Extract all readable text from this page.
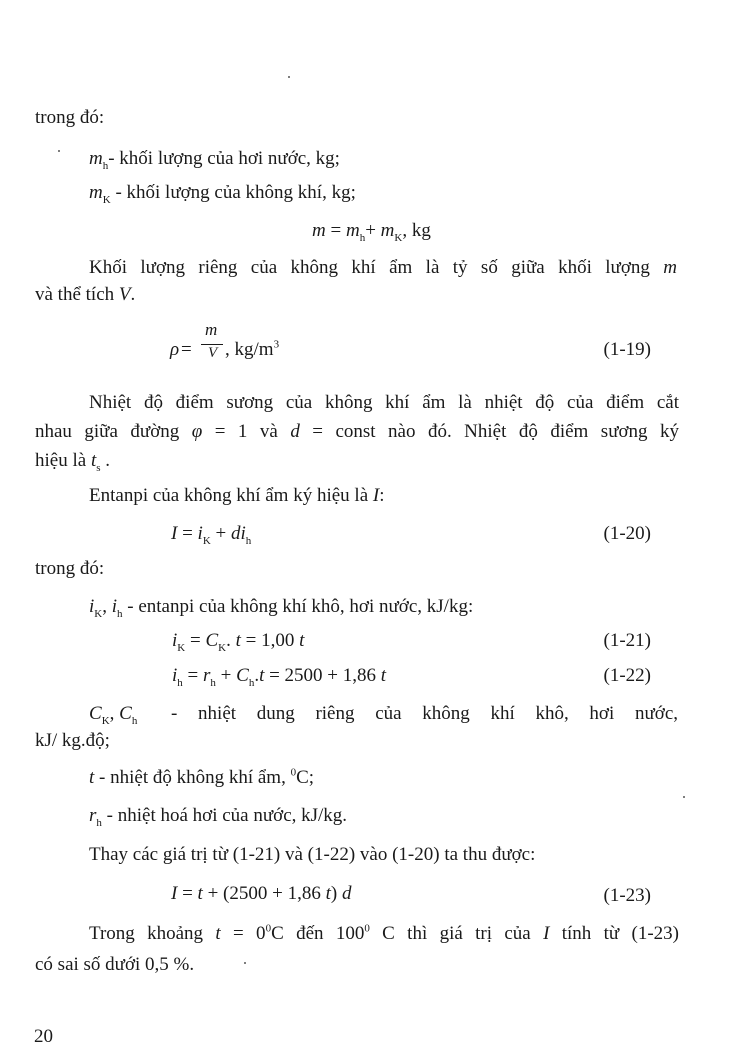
trong đó:
$m_h-$ khối lượng của hơi nước, kg;
$m_K$ - khối lượng của không khí, kg;
$m = m_h+ m_K$, kg
Khối lượng riêng của không khí ẩm là tỷ số giữa khối lượng m
và thể tích V.
ρ =
m
V , $kg/m^3$	(1-19)
Nhiệt độ điểm sương của không khí ẩm là nhiệt độ của điểm cắt
nhau giữa đường φ = 1 và d = const nào đó. Nhiệt độ điểm sương ký
hiệu là $t_s$ .
Entanpi của không khí ẩm ký hiệu là I:
$I = i_K + di_h$	(1-20)
trong đó:
$i_K$, $i_h$ - entanpi của không khí khô, hơi nước, kJ/kg:
$i_K = C_K$. t = 1,00 t	(1-21)
$i_h = r_h + C_h.t = 2500 + 1,86$ t	(1-22)
$C_K$, $C_h$ - nhiệt dung riêng của không khí khô, hơi nước,
kJ/ kg.độ;
t - nhiệt độ không khí ẩm, $^0$C;
$r_h$ - nhiệt hoá hơi của nước, kJ/kg.
Thay các giá trị từ (1-21) và (1-22) vào (1-20) ta thu được:
I = t + (2500 + 1,86 t) d	(1-23)
Trong khoảng $t = 0^0C$ đến $100^0$ C thì giá trị của I tính từ (1-23)
có sai số dưới 0,5 %.
20
